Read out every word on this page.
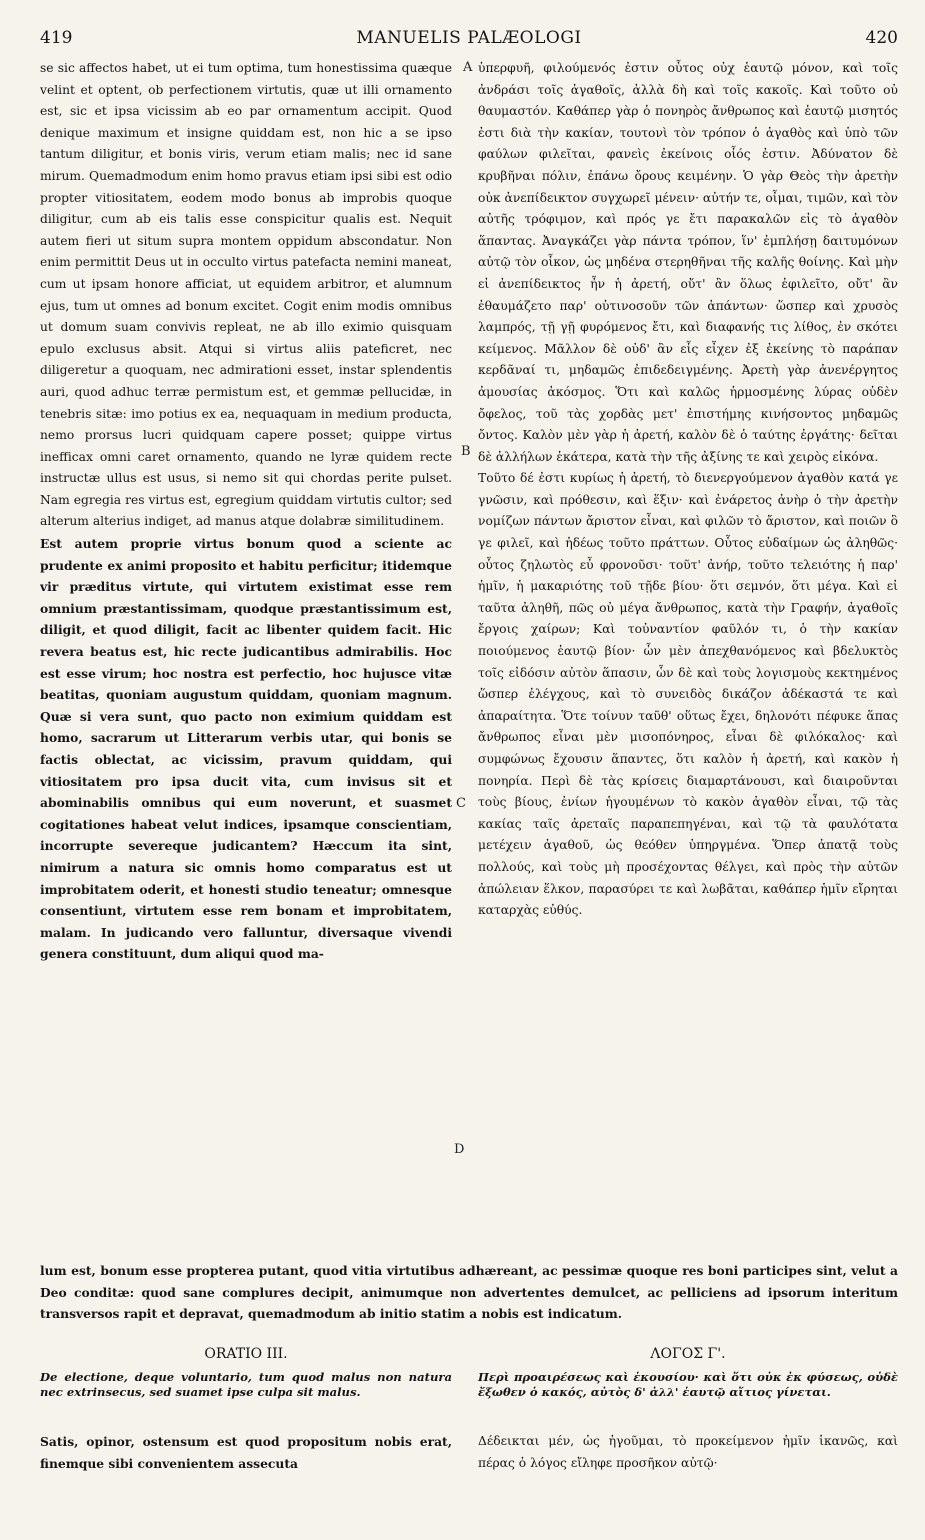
419	MANUELIS PALÆOLOGI	420

se sic affectos habet, ut ei tum optima, tum honestissima quæque velint et optent, ob perfectionem virtutis, quæ ut illi ornamento est, sic et ipsa vicissim ab eo par ornamentum accipit. Quod denique maximum et insigne quiddam est, non hic a se ipso tantum diligitur, et bonis viris, verum etiam malis; nec id sane mirum. Quemadmodum enim homo pravus etiam ipsi sibi est odio propter vitiositatem, eodem modo bonus ab improbis quoque diligitur, cum ab eis talis esse conspicitur qualis est. Nequit autem fieri ut situm supra montem oppidum abscondatur. Non enim permittit Deus ut in occulto virtus patefacta nemini maneat, cum ut ipsam honore afficiat, ut equidem arbitror, et alumnum ejus, tum ut omnes ad bonum excitet. Cogit enim modis omnibus ut domum suam convivis repleat, ne ab illo eximio quisquam epulo exclusus absit. Atqui si virtus aliis pateficret, nec diligeretur a quoquam, nec admirationi esset, instar splendentis auri, quod adhuc terræ permistum est, et gemmæ pellucidæ, in tenebris sitæ: imo potius ex ea, nequaquam in medium producta, nemo prorsus lucri quidquam capere posset; quippe virtus inefficax omni caret ornamento, quando ne lyræ quidem recte instructæ ullus est usus, si nemo sit qui chordas perite pulset. Nam egregia res virtus est, egregium quiddam virtutis cultor; sed alterum alterius indiget, ad manus atque dolabræ similitudinem.

Est autem proprie virtus bonum quod a sciente ac prudente ex animi proposito et habitu perficitur; itidemque vir præditus virtute, qui virtutem existimat esse rem omnium præstantissimam, quodque præstantissimum est, diligit, et quod diligit, facit ac libenter quidem facit. Hic revera beatus est, hic recte judicantibus admirabilis. Hoc est esse virum; hoc nostra est perfectio, hoc hujusce vitæ beatitas, quoniam augustum quiddam, quoniam magnum. Quæ si vera sunt, quo pacto non eximium quiddam est homo, sacrarum ut Litterarum verbis utar, qui bonis se factis oblectat, ac vicissim, pravum quiddam, qui vitiositatem pro ipsa ducit vita, cum invisus sit et abominabilis omnibus qui eum noverunt, et suasmet cogitationes habeat velut indices, ipsamque conscientiam, incorrupte severeque judicantem? Hæccum ita sint, nimirum a natura sic omnis homo comparatus est ut improbitatem oderit, et honesti studio teneatur; omnesque consentiunt, virtutem esse rem bonam et improbitatem, malam. In judicando vero falluntur, diversaque vivendi genera constituunt, dum aliqui quod ma-

ὑπερφυῆ, φιλούμενός ἐστιν οὗτος οὐχ ἑαυτῷ μόνον, καὶ τοῖς ἀνδράσι τοῖς ἀγαθοῖς, ἀλλὰ δὴ καὶ τοῖς κακοῖς. Καὶ τοῦτο οὐ θαυμαστόν. Καθάπερ γὰρ ὁ πονηρὸς ἄνθρωπος καὶ ἑαυτῷ μισητός ἐστι διὰ τὴν κακίαν, τουτονὶ τὸν τρόπον ὁ ἀγαθὸς καὶ ὑπὸ τῶν φαύλων φιλεῖται, φανεὶς ἐκείνοις οἷός ἐστιν. Ἀδύνατον δὲ κρυβῆναι πόλιν, ἐπάνω ὄρους κειμένην. Ὁ γὰρ Θεὸς τὴν ἀρετὴν οὐκ ἀνεπίδεικτον συγχωρεῖ μένειν· αὐτήν τε, οἶμαι, τιμῶν, καὶ τὸν αὐτῆς τρόφιμον, καὶ πρός γε ἔτι παρακαλῶν εἰς τὸ ἀγαθὸν ἅπαντας. Ἀναγκάζει γὰρ πάντα τρόπον, ἵν' ἐμπλήσῃ δαιτυμόνων αὐτῷ τὸν οἶκον, ὡς μηδένα στερηθῆναι τῆς καλῆς θοίνης. Καὶ μὴν εἰ ἀνεπίδεικτος ἦν ἡ ἀρετή, οὔτ' ἂν ὅλως ἐφιλεῖτο, οὔτ' ἂν ἐθαυμάζετο παρ' οὑτινοσοῦν τῶν ἁπάντων· ὥσπερ καὶ χρυσὸς λαμπρός, τῇ γῇ φυρόμενος ἔτι, καὶ διαφανής τις λίθος, ἐν σκότει κείμενος. Μᾶλλον δὲ οὐδ' ἂν εἷς εἶχεν ἐξ ἐκείνης τὸ παράπαν κερδᾶναί τι, μηδαμῶς ἐπιδεδειγμένης. Ἀρετὴ γὰρ ἀνενέργητος ἀμουσίας ἀκόσμος. Ὅτι καὶ καλῶς ἡρμοσμένης λύρας οὐδὲν ὄφελος, τοῦ τὰς χορδὰς μετ' ἐπιστήμης κινήσοντος μηδαμῶς ὄντος. Καλὸν μὲν γὰρ ἡ ἀρετή, καλὸν δὲ ὁ ταύτης ἐργάτης· δεῖται δὲ ἀλλήλων ἑκάτερα, κατὰ τὴν τῆς ἀξίνης τε καὶ χειρὸς εἰκόνα.

Τοῦτο δέ ἐστι κυρίως ἡ ἀρετή, τὸ διενεργούμενον ἀγαθὸν κατά γε γνῶσιν, καὶ πρόθεσιν, καὶ ἕξιν· καὶ ἐνάρετος ἀνὴρ ὁ τὴν ἀρετὴν νομίζων πάντων ἄριστον εἶναι, καὶ φιλῶν τὸ ἄριστον, καὶ ποιῶν ὃ γε φιλεῖ, καὶ ἡδέως τοῦτο πράττων. Οὗτος εὐδαίμων ὡς ἀληθῶς· οὗτος ζηλωτὸς εὖ φρονοῦσι· τοῦτ' ἀνήρ, τοῦτο τελειότης ἡ παρ' ἡμῖν, ἡ μακαριότης τοῦ τῇδε βίου· ὅτι σεμνόν, ὅτι μέγα. Καὶ εἰ ταῦτα ἀληθῆ, πῶς οὐ μέγα ἄνθρωπος, κατὰ τὴν Γραφήν, ἀγαθοῖς ἔργοις χαίρων; Καὶ τοὐναντίον φαῦλόν τι, ὁ τὴν κακίαν ποιούμενος ἑαυτῷ βίον· ὧν μὲν ἀπεχθανόμενος καὶ βδελυκτὸς τοῖς εἰδόσιν αὐτὸν ἅπασιν, ὧν δὲ καὶ τοὺς λογισμοὺς κεκτημένος ὥσπερ ἐλέγχους, καὶ τὸ συνειδὸς δικάζον ἀδέκαστά τε καὶ ἀπαραίτητα. Ὅτε τοίνυν ταῦθ' οὕτως ἔχει, δηλονότι πέφυκε ἅπας ἄνθρωπος εἶναι μὲν μισοπόνηρος, εἶναι δὲ φιλόκαλος· καὶ συμφώνως ἔχουσιν ἅπαντες, ὅτι καλὸν ἡ ἀρετή, καὶ κακὸν ἡ πονηρία. Περὶ δὲ τὰς κρίσεις διαμαρτάνουσι, καὶ διαιροῦνται τοὺς βίους, ἐνίων ἡγουμένων τὸ κακὸν ἀγαθὸν εἶναι, τῷ τὰς κακίας ταῖς ἀρεταῖς παραπεπηγέναι, καὶ τῷ τὰ φαυλότατα μετέχειν ἀγαθοῦ, ὡς θεόθεν ὑπηργμένα. Ὅπερ ἀπατᾷ τοὺς πολλούς, καὶ τοὺς μὴ προσέχοντας θέλγει, καὶ πρὸς τὴν αὐτῶν ἀπώλειαν ἕλκον, παρασύρει τε καὶ λωβᾶται, καθάπερ ἡμῖν εἴρηται καταρχὰς εὐθύς.

A
B
C
D
lum est, bonum esse propterea putant, quod vitia virtutibus adhæreant, ac pessimæ quoque res boni participes sint, velut a Deo conditæ: quod sane complures decipit, animumque non advertentes demulcet, ac pelliciens ad ipsorum interitum transversos rapit et depravat, quemadmodum ab initio statim a nobis est indicatum.
ORATIO III.	ΛΟΓΟΣ Γ'.
De electione, deque voluntario, tum quod malus non natura nec extrinsecus, sed suamet ipse culpa sit malus.
Περὶ προαιρέσεως καὶ ἑκουσίου· καὶ ὅτι οὐκ ἐκ φύσεως, οὐδὲ ἔξωθεν ὁ κακός, αὐτὸς δ' ἀλλ' ἑαυτῷ αἴτιος γίνεται.
Satis, opinor, ostensum est quod propositum nobis erat, finemque sibi convenientem assecuta
Δέδεικται μέν, ὡς ἡγοῦμαι, τὸ προκείμενον ἡμῖν ἱκανῶς, καὶ πέρας ὁ λόγος εἴληφε προσῆκον αὐτῷ·
